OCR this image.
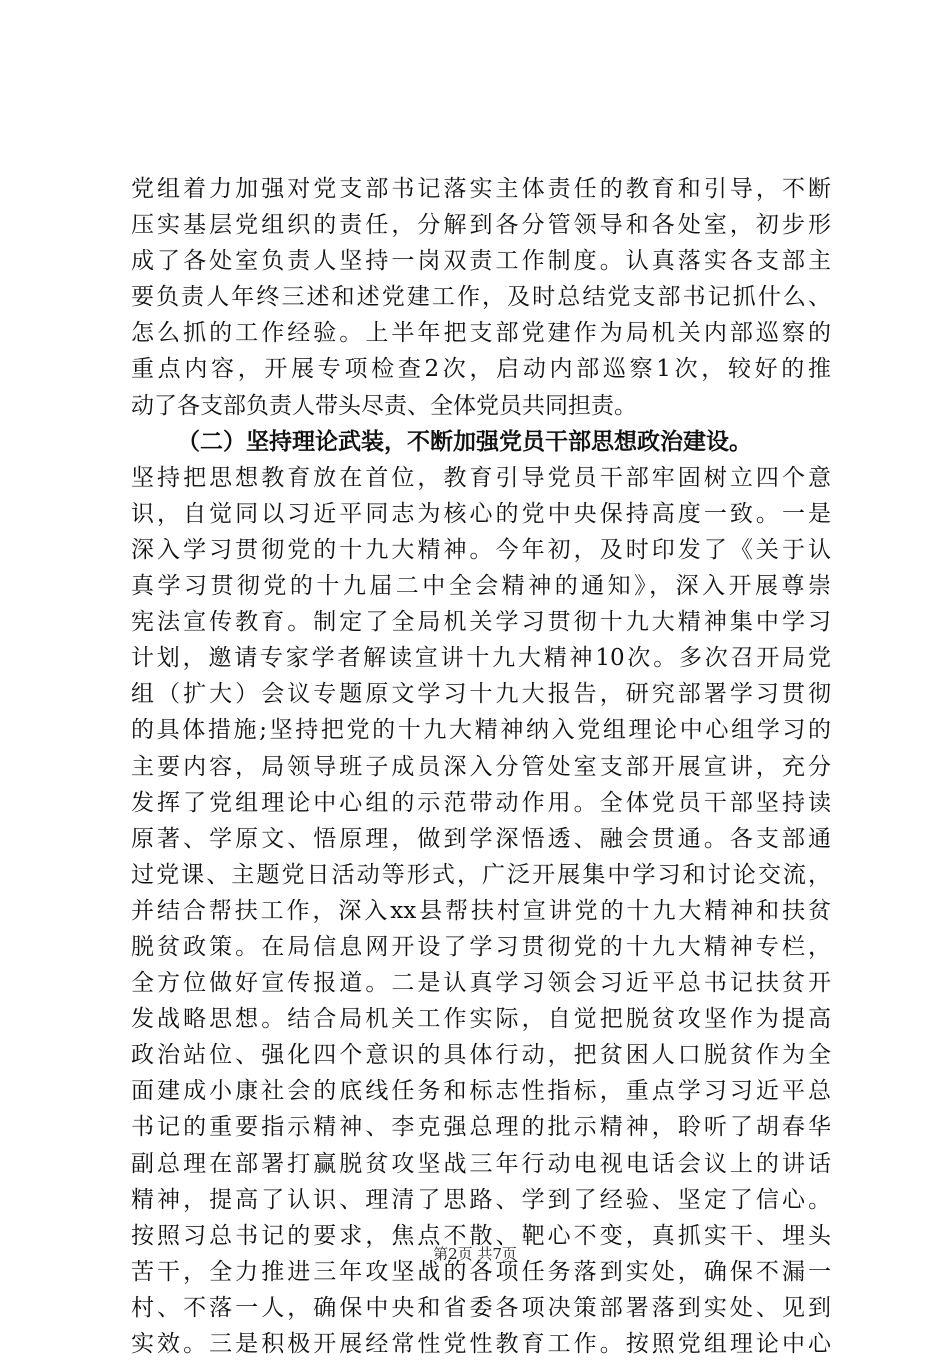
党组着力加强对党支部书记落实主体责任的教育和引导，不断
压实基层党组织的责任，分解到各分管领导和各处室，初步形
成了各处室负责人坚持一岗双责工作制度。认真落实各支部主
要负责人年终三述和述党建工作，及时总结党支部书记抓什么、
怎么抓的工作经验。上半年把支部党建作为局机关内部巡察的
重点内容，开展专项检查2次，启动内部巡察1次，较好的推
动了各支部负责人带头尽责、全体党员共同担责。
（二）坚持理论武装，不断加强党员干部思想政治建设。
坚持把思想教育放在首位，教育引导党员干部牢固树立四个意
识，自觉同以习近平同志为核心的党中央保持高度一致。一是
深入学习贯彻党的十九大精神。今年初，及时印发了《关于认
真学习贯彻党的十九届二中全会精神的通知》，深入开展尊崇
宪法宣传教育。制定了全局机关学习贯彻十九大精神集中学习
计划，邀请专家学者解读宣讲十九大精神10次。多次召开局党
组（扩大）会议专题原文学习十九大报告，研究部署学习贯彻
的具体措施;坚持把党的十九大精神纳入党组理论中心组学习的
主要内容，局领导班子成员深入分管处室支部开展宣讲，充分
发挥了党组理论中心组的示范带动作用。全体党员干部坚持读
原著、学原文、悟原理，做到学深悟透、融会贯通。各支部通
过党课、主题党日活动等形式，广泛开展集中学习和讨论交流，
并结合帮扶工作，深入xx县帮扶村宣讲党的十九大精神和扶贫
脱贫政策。在局信息网开设了学习贯彻党的十九大精神专栏，
全方位做好宣传报道。二是认真学习领会习近平总书记扶贫开
发战略思想。结合局机关工作实际，自觉把脱贫攻坚作为提高
政治站位、强化四个意识的具体行动，把贫困人口脱贫作为全
面建成小康社会的底线任务和标志性指标，重点学习习近平总
书记的重要指示精神、李克强总理的批示精神，聆听了胡春华
副总理在部署打赢脱贫攻坚战三年行动电视电话会议上的讲话
精神，提高了认识、理清了思路、学到了经验、坚定了信心。
按照习总书记的要求，焦点不散、靶心不变，真抓实干、埋头
苦干，全力推进三年攻坚战的各项任务落到实处，确保不漏一
村、不落一人，确保中央和省委各项决策部署落到实处、见到
实效。三是积极开展经常性党性教育工作。按照党组理论中心
第2页 共7页
